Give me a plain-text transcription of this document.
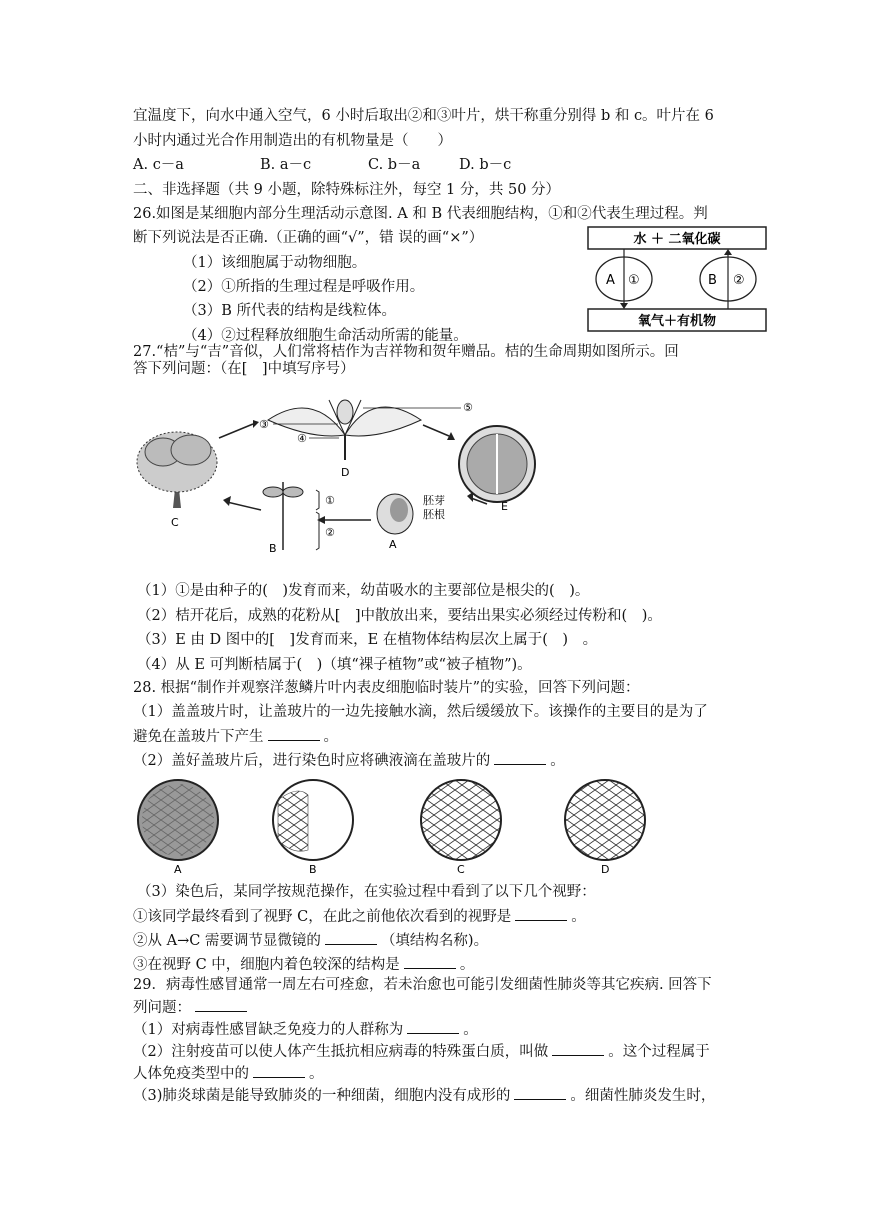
宜温度下，向水中通入空气，6 小时后取出②和③叶片，烘干称重分别得 b 和 c。叶片在 6
小时内通过光合作用制造出的有机物量是（　　）
A. c－a	B. a－c	C. b－a	D. b－c
二、非选择题（共 9 小题，除特殊标注外，每空 1 分，共 50 分）
26.如图是某细胞内部分生理活动示意图. A 和 B 代表细胞结构，①和②代表生理过程。判
断下列说法是否正确.（正确的画“√”，错 误的画“×”）
（1）该细胞属于动物细胞。
（2）①所指的生理过程是呼吸作用。
（3）B 所代表的结构是线粒体。
（4）②过程释放细胞生命活动所需的能量。
水 ＋ 二氧化碳
氧气＋有机物
A ①	B ②
27.“桔”与“吉”音似，人们常将桔作为吉祥物和贺年赠品。桔的生命周期如图所示。回
答下列问题：（在[　]中填写序号）
C
③
④
⑤
D
E
胚芽
胚根
A
①
②
B
（1）①是由种子的(　)发育而来，幼苗吸水的主要部位是根尖的(　)。
（2）桔开花后，成熟的花粉从[　]中散放出来，要结出果实必须经过传粉和(　)。
（3）E 由 D 图中的[　]发育而来，E 在植物体结构层次上属于(　)　。
（4）从 E 可判断桔属于(　)（填“裸子植物”或“被子植物”)。
28. 根据“制作并观察洋葱鳞片叶内表皮细胞临时装片”的实验，回答下列问题：
（1）盖盖玻片时，让盖玻片的一边先接触水滴，然后缓缓放下。该操作的主要目的是为了
避免在盖玻片下产生	。
（2）盖好盖玻片后，进行染色时应将碘液滴在盖玻片的	。
A	B	C	D
（3）染色后，某同学按规范操作，在实验过程中看到了以下几个视野：
①该同学最终看到了视野 C，在此之前他依次看到的视野是	。
②从 A→C 需要调节显微镜的	（填结构名称)。
③在视野 C 中，细胞内着色较深的结构是	。
29．病毒性感冒通常一周左右可痊愈，若未治愈也可能引发细菌性肺炎等其它疾病. 回答下
列问题：
（1）对病毒性感冒缺乏免疫力的人群称为	。
（2）注射疫苗可以使人体产生抵抗相应病毒的特殊蛋白质，叫做	。这个过程属于
人体免疫类型中的	。
（3)肺炎球菌是能导致肺炎的一种细菌，细胞内没有成形的	。细菌性肺炎发生时，
